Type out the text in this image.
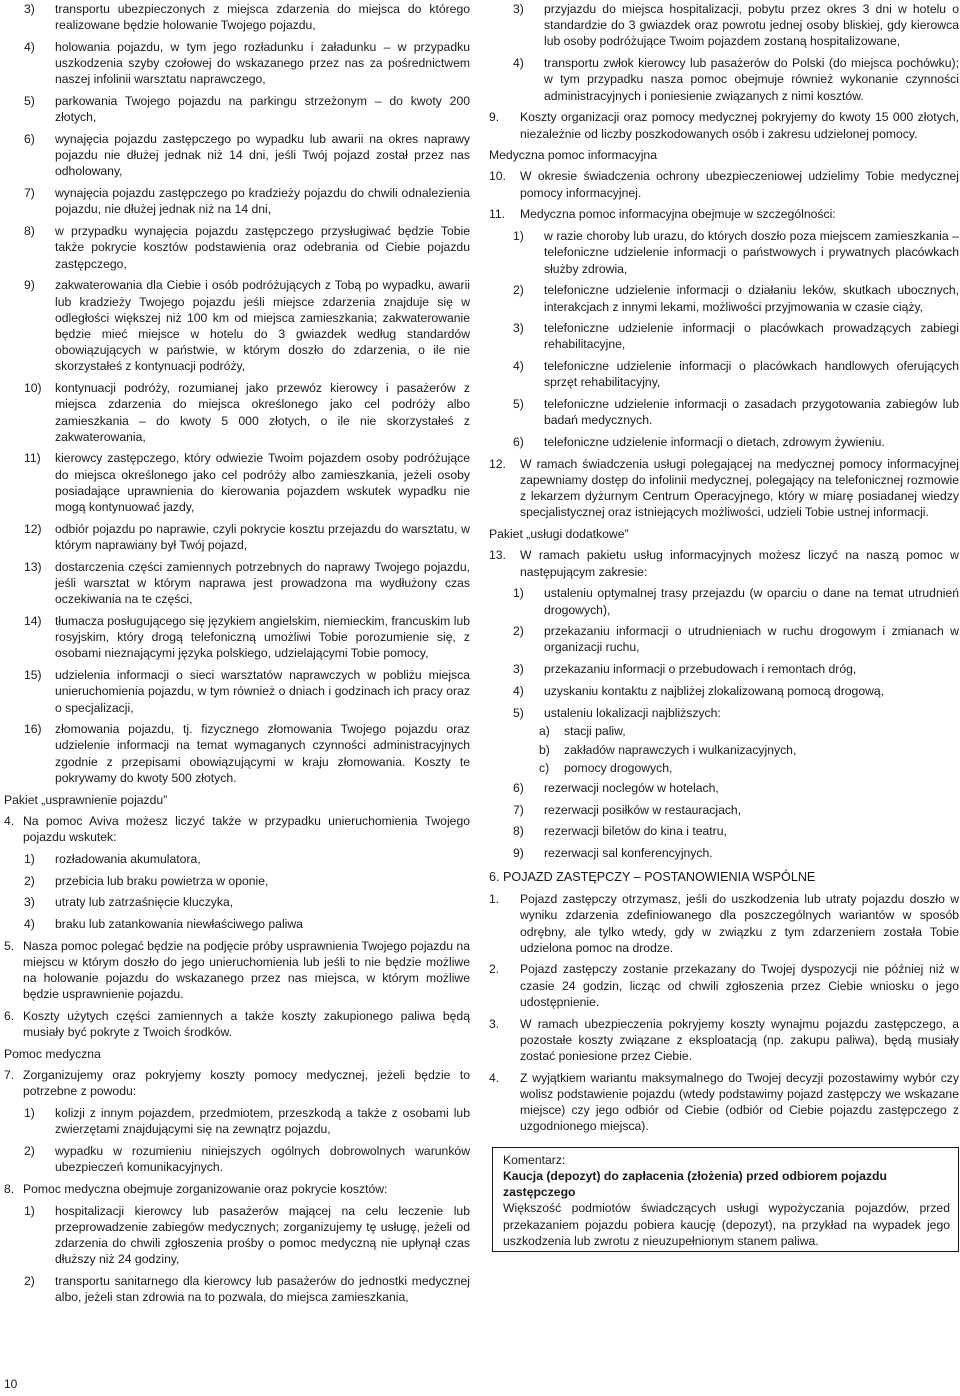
3)	transportu ubezpieczonych z miejsca zdarzenia do miejsca do którego realizowane będzie holowanie Twojego pojazdu,
4)	holowania pojazdu, w tym jego rozładunku i załadunku – w przypadku uszkodzenia szyby czołowej do wskazanego przez nas za pośrednictwem naszej infolinii warsztatu naprawczego,
5)	parkowania Twojego pojazdu na parkingu strzeżonym – do kwoty 200 złotych,
6)	wynajęcia pojazdu zastępczego po wypadku lub awarii na okres naprawy pojazdu nie dłużej jednak niż 14 dni, jeśli Twój pojazd został przez nas odholowany,
7)	wynajęcia pojazdu zastępczego po kradzieży pojazdu do chwili odnalezienia pojazdu, nie dłużej jednak niż na 14 dni,
8)	w przypadku wynajęcia pojazdu zastępczego przysługiwać będzie Tobie także pokrycie kosztów podstawienia oraz odebrania od Ciebie pojazdu zastępczego,
9)	zakwaterowania dla Ciebie i osób podróżujących z Tobą po wypadku, awarii lub kradzieży Twojego pojazdu jeśli miejsce zdarzenia znajduje się w odległości większej niż 100 km od miejsca zamieszkania; zakwaterowanie będzie mieć miejsce w hotelu do 3 gwiazdek według standardów obowiązujących w państwie, w którym doszło do zdarzenia, o ile nie skorzystałeś z kontynuacji podróży,
10)	kontynuacji podróży, rozumianej jako przewóz kierowcy i pasażerów z miejsca zdarzenia do miejsca określonego jako cel podróży albo zamieszkania – do kwoty 5 000 złotych, o ile nie skorzystałeś z zakwaterowania,
11)	kierowcy zastępczego, który odwiezie Twoim pojazdem osoby podróżujące do miejsca określonego jako cel podróży albo zamieszkania, jeżeli osoby posiadające uprawnienia do kierowania pojazdem wskutek wypadku nie mogą kontynuować jazdy,
12)	odbiór pojazdu po naprawie, czyli pokrycie kosztu przejazdu do warsztatu, w którym naprawiany był Twój pojazd,
13)	dostarczenia części zamiennych potrzebnych do naprawy Twojego pojazdu, jeśli warsztat w którym naprawa jest prowadzona ma wydłużony czas oczekiwania na te części,
14)	tłumacza posługującego się językiem angielskim, niemieckim, francuskim lub rosyjskim, który drogą telefoniczną umożliwi Tobie porozumienie się, z osobami nieznającymi języka polskiego, udzielającymi Tobie pomocy,
15)	udzielenia informacji o sieci warsztatów naprawczych w pobliżu miejsca unieruchomienia pojazdu, w tym również o dniach i godzinach ich pracy oraz o specjalizacji,
16)	złomowania pojazdu, tj. fizycznego złomowania Twojego pojazdu oraz udzielenie informacji na temat wymaganych czynności administracyjnych zgodnie z przepisami obowiązującymi w kraju złomowania. Koszty te pokrywamy do kwoty 500 złotych.
Pakiet „usprawnienie pojazdu”
4. Na pomoc Aviva możesz liczyć także w przypadku unieruchomienia Twojego pojazdu wskutek:
1)	rozładowania akumulatora,
2)	przebicia lub braku powietrza w oponie,
3)	utraty lub zatrzaśnięcie kluczyka,
4)	braku lub zatankowania niewłaściwego paliwa
5. Nasza pomoc polegać będzie na podjęcie próby usprawnienia Twojego pojazdu na miejscu w którym doszło do jego unieruchomienia lub jeśli to nie będzie możliwe na holowanie pojazdu do wskazanego przez nas miejsca, w którym możliwe będzie usprawnienie pojazdu.
6. Koszty użytych części zamiennych a także koszty zakupionego paliwa będą musiały być pokryte z Twoich środków.
Pomoc medyczna
7. Zorganizujemy oraz pokryjemy koszty pomocy medycznej, jeżeli będzie to potrzebne z powodu:
1)	kolizji z innym pojazdem, przedmiotem, przeszkodą a także z osobami lub zwierzętami znajdującymi się na zewnątrz pojazdu,
2)	wypadku w rozumieniu niniejszych ogólnych dobrowolnych warunków ubezpieczeń komunikacyjnych.
8. Pomoc medyczna obejmuje zorganizowanie oraz pokrycie kosztów:
1)	hospitalizacji kierowcy lub pasażerów mającej na celu leczenie lub przeprowadzenie zabiegów medycznych; zorganizujemy tę usługę, jeżeli od zdarzenia do chwili zgłoszenia prośby o pomoc medyczną nie upłynął czas dłuższy niż 24 godziny,
2)	transportu sanitarnego dla kierowcy lub pasażerów do jednostki medycznej albo, jeżeli stan zdrowia na to pozwala, do miejsca zamieszkania,
3)	przyjazdu do miejsca hospitalizacji, pobytu przez okres 3 dni w hotelu o standardzie do 3 gwiazdek oraz powrotu jednej osoby bliskiej, gdy kierowca lub osoby podróżujące Twoim pojazdem zostaną hospitalizowane,
4)	transportu zwłok kierowcy lub pasażerów do Polski (do miejsca pochówku); w tym przypadku nasza pomoc obejmuje również wykonanie czynności administracyjnych i poniesienie związanych z nimi kosztów.
9.	Koszty organizacji oraz pomocy medycznej pokryjemy do kwoty 15 000 złotych, niezależnie od liczby poszkodowanych osób i zakresu udzielonej pomocy.
Medyczna pomoc informacyjna
10.	W okresie świadczenia ochrony ubezpieczeniowej udzielimy Tobie medycznej pomocy informacyjnej.
11.	Medyczna pomoc informacyjna obejmuje w szczególności:
1)	w razie choroby lub urazu, do których doszło poza miejscem zamieszkania – telefoniczne udzielenie informacji o państwowych i prywatnych placówkach służby zdrowia,
2)	telefoniczne udzielenie informacji o działaniu leków, skutkach ubocznych, interakcjach z innymi lekami, możliwości przyjmowania w czasie ciąży,
3)	telefoniczne udzielenie informacji o placówkach prowadzących zabiegi rehabilitacyjne,
4)	telefoniczne udzielenie informacji o placówkach handlowych oferujących sprzęt rehabilitacyjny,
5)	telefoniczne udzielenie informacji o zasadach przygotowania zabiegów lub badań medycznych.
6)	telefoniczne udzielenie informacji o dietach, zdrowym żywieniu.
12.	W ramach świadczenia usługi polegającej na medycznej pomocy informacyjnej zapewniamy dostęp do infolinii medycznej, polegający na telefonicznej rozmowie z lekarzem dyżurnym Centrum Operacyjnego, który w miarę posiadanej wiedzy specjalistycznej oraz istniejących możliwości, udzieli Tobie ustnej informacji.
Pakiet „usługi dodatkowe”
13.	W ramach pakietu usług informacyjnych możesz liczyć na naszą pomoc w następującym zakresie:
1)	ustaleniu optymalnej trasy przejazdu (w oparciu o dane na temat utrudnień drogowych),
2)	przekazaniu informacji o utrudnieniach w ruchu drogowym i zmianach w organizacji ruchu,
3)	przekazaniu informacji o przebudowach i remontach dróg,
4)	uzyskaniu kontaktu z najbliżej zlokalizowaną pomocą drogową,
5)	ustaleniu lokalizacji najbliższych:
a)	stacji paliw,
b)	zakładów naprawczych i wulkanizacyjnych,
c)	pomocy drogowych,
6)	rezerwacji noclegów w hotelach,
7)	rezerwacji posiłków w restauracjach,
8)	rezerwacji biletów do kina i teatru,
9)	rezerwacji sal konferencyjnych.
6. POJAZD ZASTĘPCZY – POSTANOWIENIA WSPÓLNE
1.	Pojazd zastępczy otrzymasz, jeśli do uszkodzenia lub utraty pojazdu doszło w wyniku zdarzenia zdefiniowanego dla poszczególnych wariantów w sposób odrębny, ale tylko wtedy, gdy w związku z tym zdarzeniem została Tobie udzielona pomoc na drodze.
2.	Pojazd zastępczy zostanie przekazany do Twojej dyspozycji nie później niż w czasie 24 godzin, licząc od chwili zgłoszenia przez Ciebie wniosku o jego udostępnienie.
3.	W ramach ubezpieczenia pokryjemy koszty wynajmu pojazdu zastępczego, a pozostałe koszty związane z eksploatacją (np. zakupu paliwa), będą musiały zostać poniesione przez Ciebie.
4.	Z wyjątkiem wariantu maksymalnego do Twojej decyzji pozostawimy wybór czy wolisz podstawienie pojazdu (wtedy podstawimy pojazd zastępczy we wskazane miejsce) czy jego odbiór od Ciebie (odbiór od Ciebie pojazdu zastępczego z uzgodnionego miejsca).
Komentarz:
Kaucja (depozyt) do zapłacenia (złożenia) przed odbiorem pojazdu zastępczego
Większość podmiotów świadczących usługi wypożyczania pojazdów, przed przekazaniem pojazdu pobiera kaucję (depozyt), na przykład na wypadek jego uszkodzenia lub zwrotu z nieuzupełnionym stanem paliwa.
10
